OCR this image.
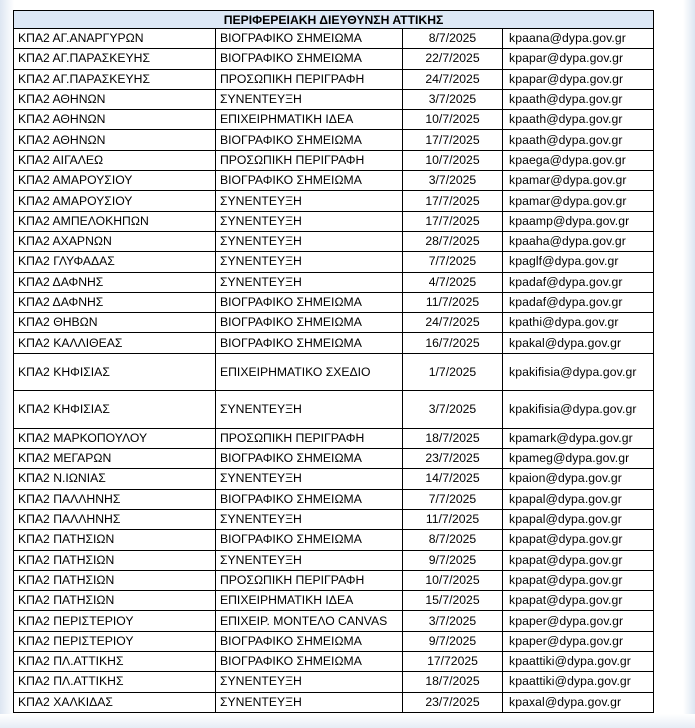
ΠΕΡΙΦΕΡΕΙΑΚΗ ΔΙΕΥΘΥΝΣΗ ΑΤΤΙΚΗΣ			
ΚΠΑ2 ΑΓ.ΑΝΑΡΓΥΡΩΝ	ΒΙΟΓΡΑΦΙΚΟ ΣΗΜΕΙΩΜΑ	8/7/2025	kpaana@dypa.gov.gr
ΚΠΑ2 ΑΓ.ΠΑΡΑΣΚΕΥΗΣ	ΒΙΟΓΡΑΦΙΚΟ ΣΗΜΕΙΩΜΑ	22/7/2025	kpapar@dypa.gov.gr
ΚΠΑ2 ΑΓ.ΠΑΡΑΣΚΕΥΗΣ	ΠΡΟΣΩΠΙΚΗ ΠΕΡΙΓΡΑΦΗ	24/7/2025	kpapar@dypa.gov.gr
ΚΠΑ2 ΑΘΗΝΩΝ	ΣΥΝΕΝΤΕΥΞΗ	3/7/2025	kpaath@dypa.gov.gr
ΚΠΑ2 ΑΘΗΝΩΝ	ΕΠΙΧΕΙΡΗΜΑΤΙΚΗ ΙΔΕΑ	10/7/2025	kpaath@dypa.gov.gr
ΚΠΑ2 ΑΘΗΝΩΝ	ΒΙΟΓΡΑΦΙΚΟ ΣΗΜΕΙΩΜΑ	17/7/2025	kpaath@dypa.gov.gr
ΚΠΑ2 ΑΙΓΑΛΕΩ	ΠΡΟΣΩΠΙΚΗ ΠΕΡΙΓΡΑΦΗ	10/7/2025	kpaega@dypa.gov.gr
ΚΠΑ2 ΑΜΑΡΟΥΣΙΟΥ	ΒΙΟΓΡΑΦΙΚΟ ΣΗΜΕΙΩΜΑ	3/7/2025	kpamar@dypa.gov.gr
ΚΠΑ2 ΑΜΑΡΟΥΣΙΟΥ	ΣΥΝΕΝΤΕΥΞΗ	17/7/2025	kpamar@dypa.gov.gr
ΚΠΑ2 ΑΜΠΕΛΟΚΗΠΩΝ	ΣΥΝΕΝΤΕΥΞΗ	17/7/2025	kpaamp@dypa.gov.gr
ΚΠΑ2 ΑΧΑΡΝΩΝ	ΣΥΝΕΝΤΕΥΞΗ	28/7/2025	kpaaha@dypa.gov.gr
ΚΠΑ2 ΓΛΥΦΑΔΑΣ	ΣΥΝΕΝΤΕΥΞΗ	7/7/2025	kpaglf@dypa.gov.gr
ΚΠΑ2 ΔΑΦΝΗΣ	ΣΥΝΕΝΤΕΥΞΗ	4/7/2025	kpadaf@dypa.gov.gr
ΚΠΑ2 ΔΑΦΝΗΣ	ΒΙΟΓΡΑΦΙΚΟ ΣΗΜΕΙΩΜΑ	11/7/2025	kpadaf@dypa.gov.gr
ΚΠΑ2 ΘΗΒΩΝ	ΒΙΟΓΡΑΦΙΚΟ ΣΗΜΕΙΩΜΑ	24/7/2025	kpathi@dypa.gov.gr
ΚΠΑ2 ΚΑΛΛΙΘΕΑΣ	ΒΙΟΓΡΑΦΙΚΟ ΣΗΜΕΙΩΜΑ	16/7/2025	kpakal@dypa.gov.gr
ΚΠΑ2 ΚΗΦΙΣΙΑΣ	ΕΠΙΧΕΙΡΗΜΑΤΙΚΟ ΣΧΕΔΙΟ	1/7/2025	kpakifisia@dypa.gov.gr
ΚΠΑ2 ΚΗΦΙΣΙΑΣ	ΣΥΝΕΝΤΕΥΞΗ	3/7/2025	kpakifisia@dypa.gov.gr
ΚΠΑ2 ΜΑΡΚΟΠΟΥΛΟΥ	ΠΡΟΣΩΠΙΚΗ ΠΕΡΙΓΡΑΦΗ	18/7/2025	kpamark@dypa.gov.gr
ΚΠΑ2 ΜΕΓΑΡΩΝ	ΒΙΟΓΡΑΦΙΚΟ ΣΗΜΕΙΩΜΑ	23/7/2025	kpameg@dypa.gov.gr
ΚΠΑ2 Ν.ΙΩΝΙΑΣ	ΣΥΝΕΝΤΕΥΞΗ	14/7/2025	kpaion@dypa.gov.gr
ΚΠΑ2 ΠΑΛΛΗΝΗΣ	ΒΙΟΓΡΑΦΙΚΟ ΣΗΜΕΙΩΜΑ	7/7/2025	kpapal@dypa.gov.gr
ΚΠΑ2 ΠΑΛΛΗΝΗΣ	ΣΥΝΕΝΤΕΥΞΗ	11/7/2025	kpapal@dypa.gov.gr
ΚΠΑ2 ΠΑΤΗΣΙΩΝ	ΒΙΟΓΡΑΦΙΚΟ ΣΗΜΕΙΩΜΑ	8/7/2025	kpapat@dypa.gov.gr
ΚΠΑ2 ΠΑΤΗΣΙΩΝ	ΣΥΝΕΝΤΕΥΞΗ	9/7/2025	kpapat@dypa.gov.gr
ΚΠΑ2 ΠΑΤΗΣΙΩΝ	ΠΡΟΣΩΠΙΚΗ ΠΕΡΙΓΡΑΦΗ	10/7/2025	kpapat@dypa.gov.gr
ΚΠΑ2 ΠΑΤΗΣΙΩΝ	ΕΠΙΧΕΙΡΗΜΑΤΙΚΗ ΙΔΕΑ	15/7/2025	kpapat@dypa.gov.gr
ΚΠΑ2 ΠΕΡΙΣΤΕΡΙΟΥ	ΕΠΙΧΕΙΡ. ΜΟΝΤΕΛΟ CANVAS	3/7/2025	kpaper@dypa.gov.gr
ΚΠΑ2 ΠΕΡΙΣΤΕΡΙΟΥ	ΒΙΟΓΡΑΦΙΚΟ ΣΗΜΕΙΩΜΑ	9/7/2025	kpaper@dypa.gov.gr
ΚΠΑ2 ΠΛ.ΑΤΤΙΚΗΣ	ΒΙΟΓΡΑΦΙΚΟ ΣΗΜΕΙΩΜΑ	17/72025	kpaattiki@dypa.gov.gr
ΚΠΑ2 ΠΛ.ΑΤΤΙΚΗΣ	ΣΥΝΕΝΤΕΥΞΗ	18/7/2025	kpaattiki@dypa.gov.gr
ΚΠΑ2 ΧΑΛΚΙΔΑΣ	ΣΥΝΕΝΤΕΥΞΗ	23/7/2025	kpaxal@dypa.gov.gr
